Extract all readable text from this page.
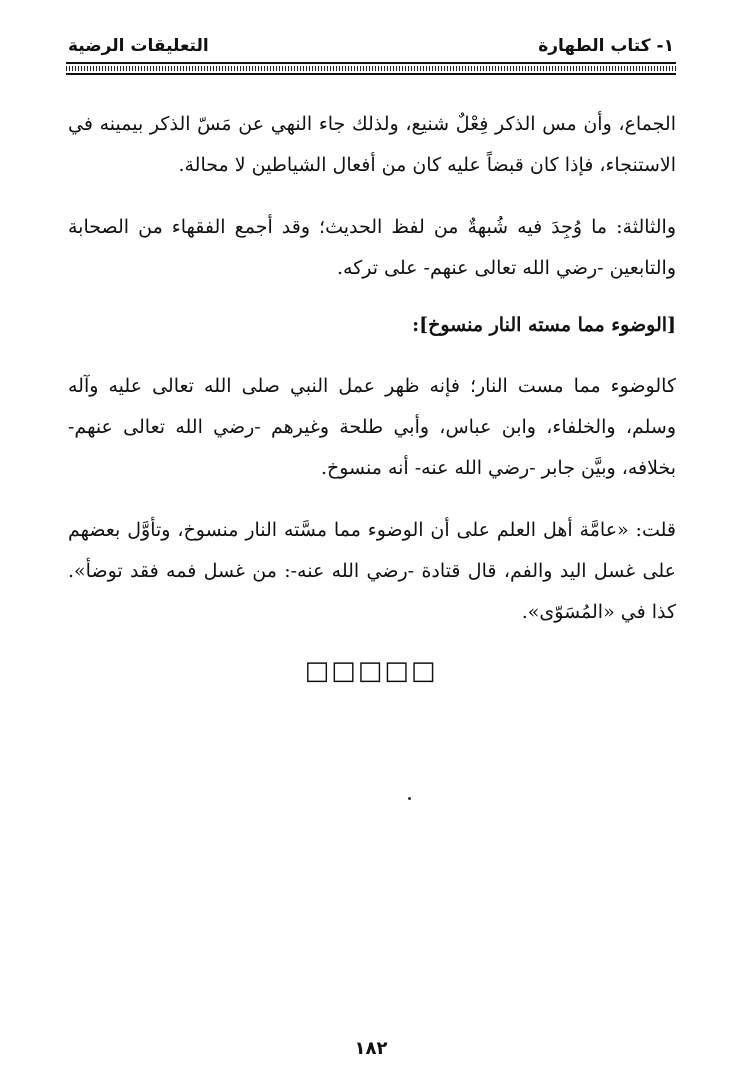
١- كتاب الطهارة
التعليقات الرضية
الجماع، وأن مس الذكر فِعْلٌ شنيع، ولذلك جاء النهي عن مَسّ الذكر بيمينه في الاستنجاء، فإذا كان قبضاً عليه كان من أفعال الشياطين لا محالة.
والثالثة: ما وُجِدَ فيه شُبهةٌ من لفظ الحديث؛ وقد أجمع الفقهاء من الصحابة والتابعين -رضي الله تعالى عنهم- على تركه.
[الوضوء مما مسته النار منسوخ]:
كالوضوء مما مست النار؛ فإنه ظهر عمل النبي صلى الله تعالى عليه وآله وسلم، والخلفاء، وابن عباس، وأبي طلحة وغيرهم -رضي الله تعالى عنهم- بخلافه، وبيَّن جابر -رضي الله عنه- أنه منسوخ.
قلت: «عامَّة أهل العلم على أن الوضوء مما مسَّته النار منسوخ، وتأوَّل بعضهم على غسل اليد والفم، قال قتادة -رضي الله عنه-: من غسل فمه فقد توضأ». كذا في «المُسَوّى».
□□□□□
١٨٢
